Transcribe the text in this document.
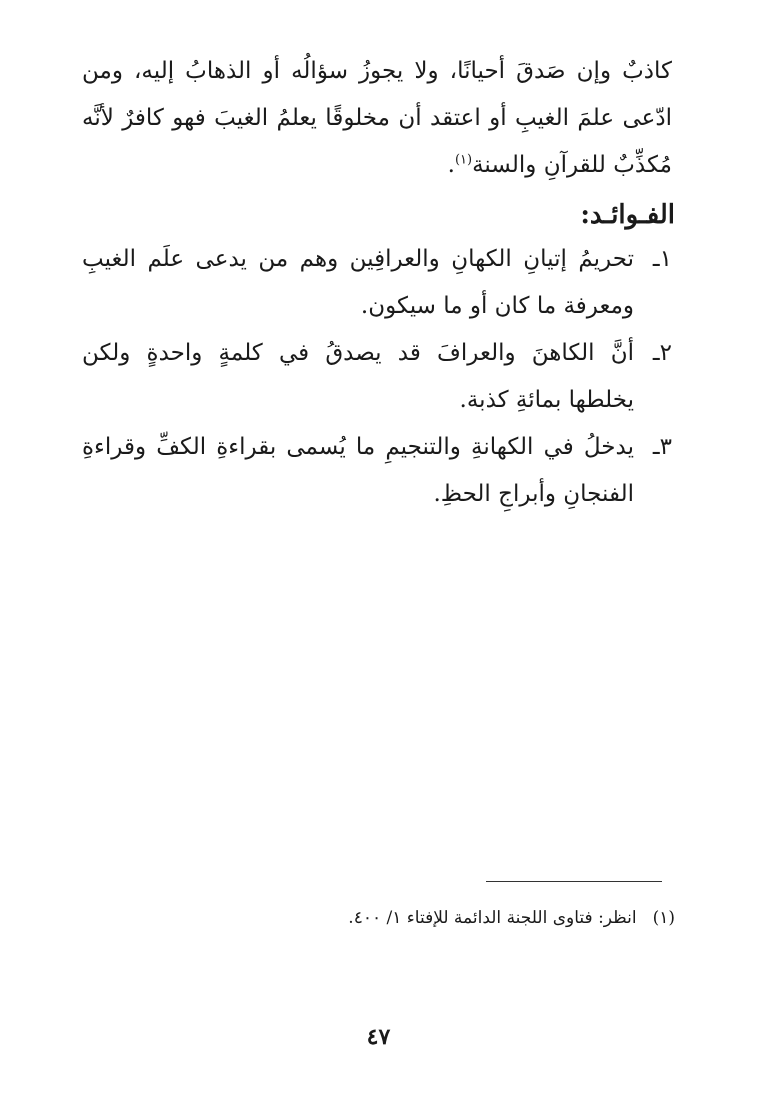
كاذبٌ وإن صَدقَ أحيانًا، ولا يجوزُ سؤالُه أو الذهابُ إليه، ومن ادّعى علمَ الغيبِ أو اعتقد أن مخلوقًا يعلمُ الغيبَ فهو كافرٌ لأنَّه مُكذِّبٌ للقرآنِ والسنة$^{(١)}$.

الفـوائـد:
١ـ
تحريمُ إتيانِ الكهانِ والعرافِين وهم من يدعى علَم الغيبِ ومعرفة ما كان أو ما سيكون.
٢ـ
أنَّ الكاهنَ والعرافَ قد يصدقُ في كلمةٍ واحدةٍ ولكن يخلطها بمائةِ كذبة.
٣ـ
يدخلُ في الكهانةِ والتنجيمِ ما يُسمى بقراءةِ الكفِّ وقراءةِ الفنجانِ وأبراجِ الحظِ.

(١)انظر: فتاوى اللجنة الدائمة للإفتاء ١/ ٤٠٠.

٤٧
